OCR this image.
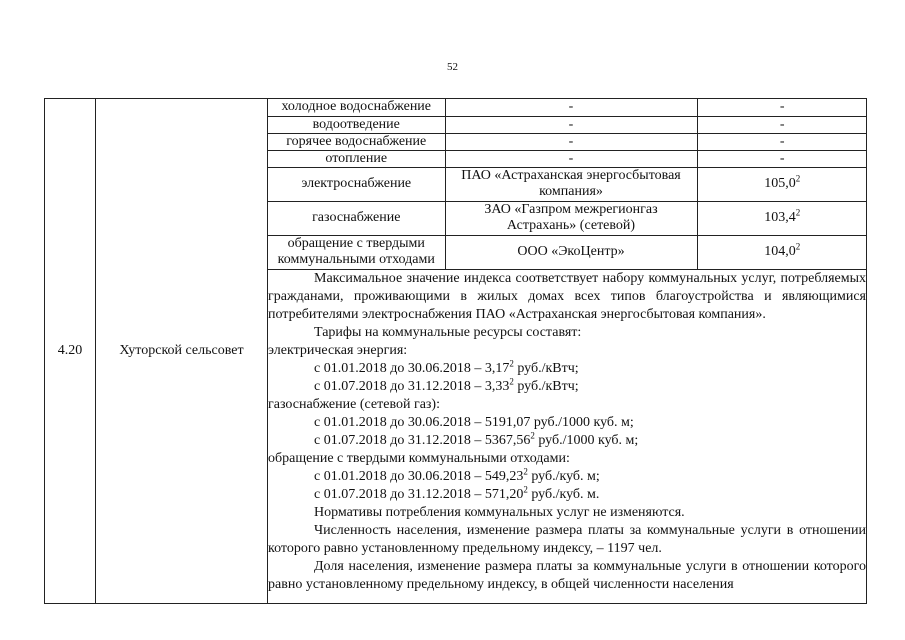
52
4.20	Хуторской сельсовет	
холодное водоснабжение	-	-
водоотведение	-	-
горячее водоснабжение	-	-
отопление	-	-
электроснабжение	ПАО «Астраханская энергосбытовая компания»	105,0$^2$
газоснабжение	ЗАО «Газпром межрегионгаз Астрахань» (сетевой)	103,4$^2$
обращение с твердыми коммунальными отходами	ООО «ЭкоЦентр»	104,0$^2$

Максимальное значение индекса соответствует набору коммунальных услуг, потребляемых гражданами, проживающими в жилых домах всех типов благоустройства и являющимися потребителями электроснабжения ПАО «Астраханская энергосбытовая компания».

Тарифы на коммунальные ресурсы составят:

электрическая энергия:

с 01.01.2018 до 30.06.2018 – 3,17$^2$ руб./кВтч;

с 01.07.2018 до 31.12.2018 – 3,33$^2$ руб./кВтч;

газоснабжение (сетевой газ):

с 01.01.2018 до 30.06.2018 – 5191,07 руб./1000 куб. м;

с 01.07.2018 до 31.12.2018 – 5367,56$^2$ руб./1000 куб. м;

обращение с твердыми коммунальными отходами:

с 01.01.2018 до 30.06.2018 – 549,23$^2$ руб./куб. м;

с 01.07.2018 до 31.12.2018 – 571,20$^2$ руб./куб. м.

Нормативы потребления коммунальных услуг не изменяются.

Численность населения, изменение размера платы за коммунальные услуги в отношении которого равно установленному предельному индексу, – 1197 чел.

Доля населения, изменение размера платы за коммунальные услуги в отношении которого равно установленному предельному индексу, в общей численности населения
